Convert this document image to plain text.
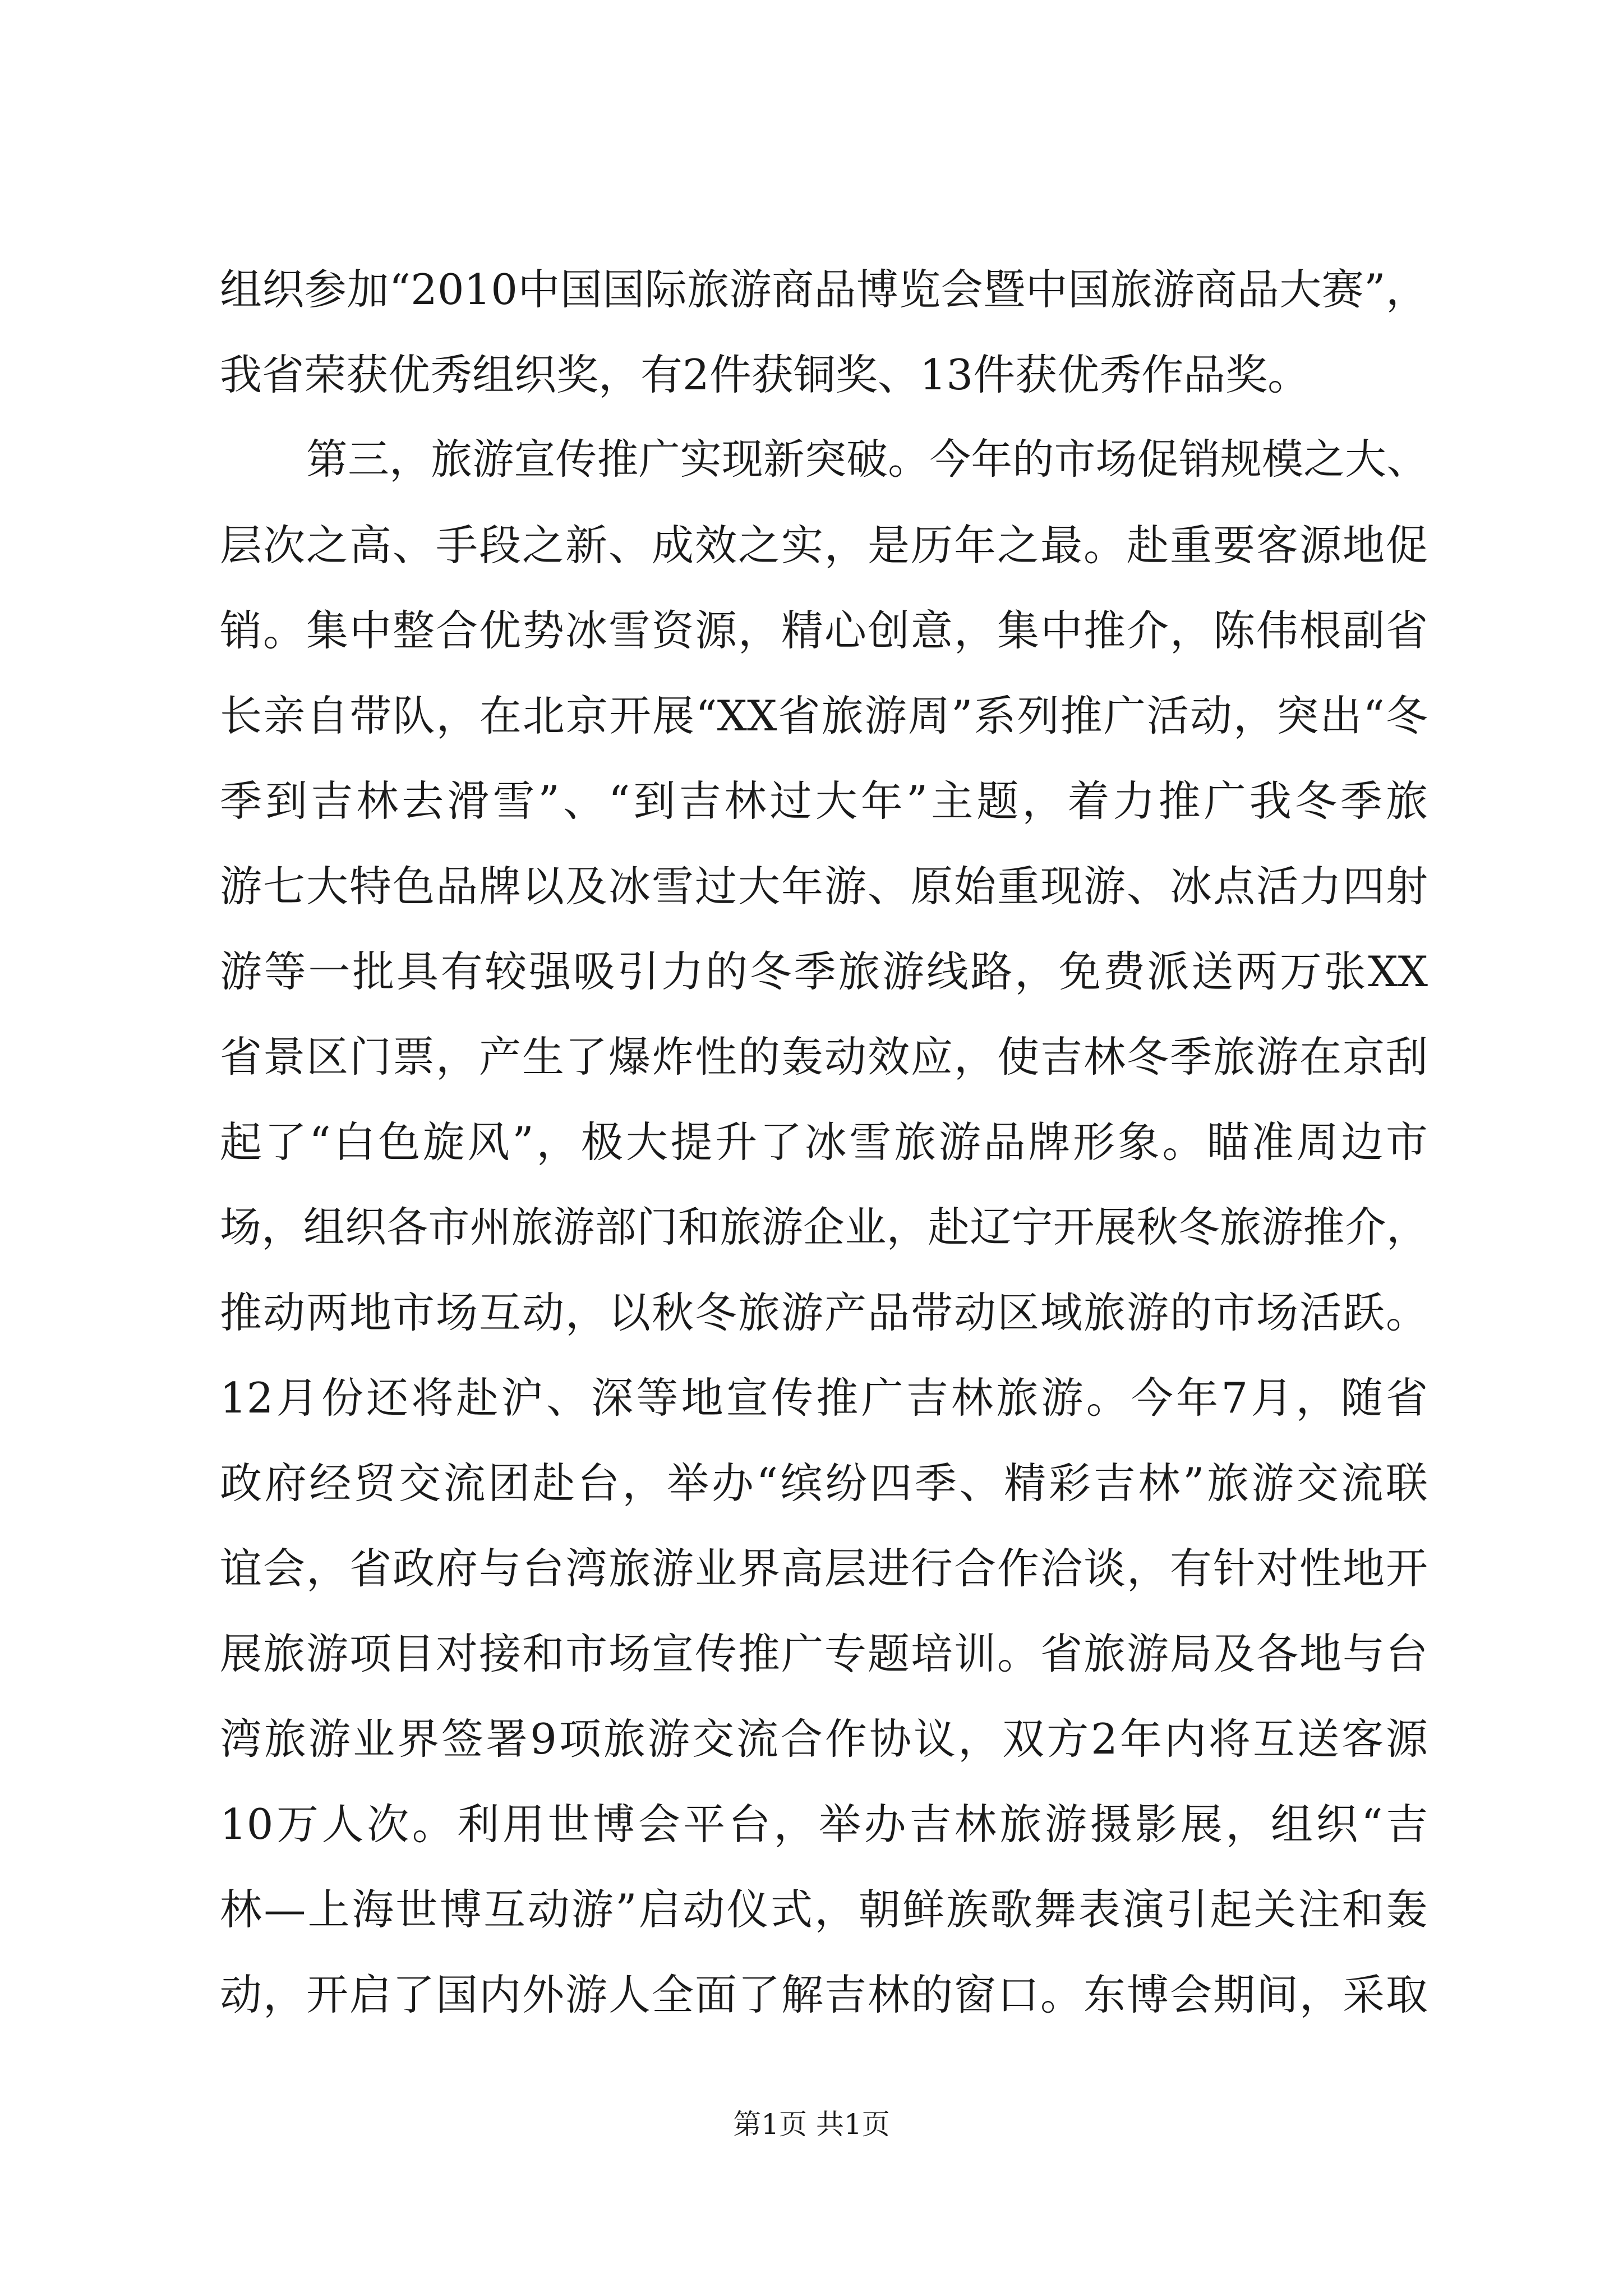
组织参加“2010中国国际旅游商品博览会暨中国旅游商品大赛”，
我省荣获优秀组织奖，有2件获铜奖、13件获优秀作品奖。
第三，旅游宣传推广实现新突破。今年的市场促销规模之大、
层次之高、手段之新、成效之实，是历年之最。赴重要客源地促
销。集中整合优势冰雪资源，精心创意，集中推介，陈伟根副省
长亲自带队，在北京开展“XX省旅游周”系列推广活动，突出“冬
季到吉林去滑雪”、“到吉林过大年”主题，着力推广我冬季旅
游七大特色品牌以及冰雪过大年游、原始重现游、冰点活力四射
游等一批具有较强吸引力的冬季旅游线路，免费派送两万张XX
省景区门票，产生了爆炸性的轰动效应，使吉林冬季旅游在京刮
起了“白色旋风”，极大提升了冰雪旅游品牌形象。瞄准周边市
场，组织各市州旅游部门和旅游企业，赴辽宁开展秋冬旅游推介，
推动两地市场互动，以秋冬旅游产品带动区域旅游的市场活跃。
12月份还将赴沪、深等地宣传推广吉林旅游。今年7月，随省
政府经贸交流团赴台，举办“缤纷四季、精彩吉林”旅游交流联
谊会，省政府与台湾旅游业界高层进行合作洽谈，有针对性地开
展旅游项目对接和市场宣传推广专题培训。省旅游局及各地与台
湾旅游业界签署9项旅游交流合作协议，双方2年内将互送客源
10万人次。利用世博会平台，举办吉林旅游摄影展，组织“吉
林—上海世博互动游”启动仪式，朝鲜族歌舞表演引起关注和轰
动，开启了国内外游人全面了解吉林的窗口。东博会期间，采取
第1页 共1页
